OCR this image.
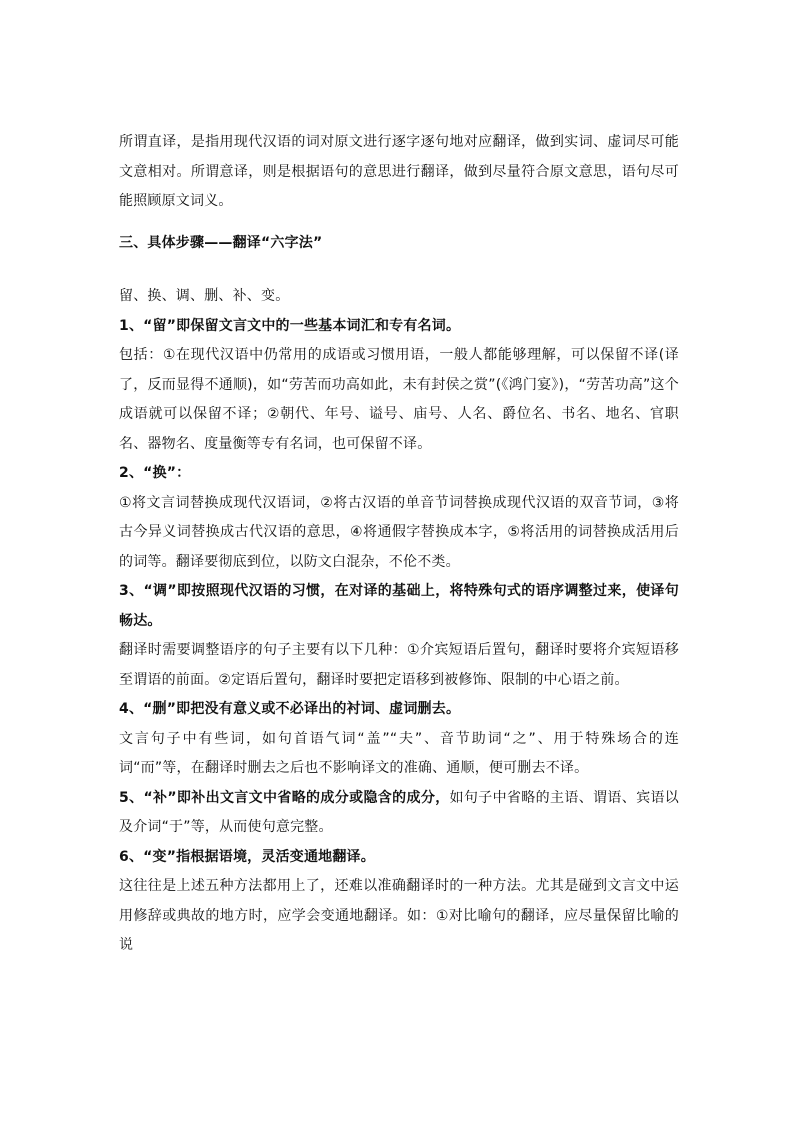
所谓直译，是指用现代汉语的词对原文进行逐字逐句地对应翻译，做到实词、虚词尽可能文意相对。所谓意译，则是根据语句的意思进行翻译，做到尽量符合原文意思，语句尽可能照顾原文词义。

三、具体步骤——翻译“六字法”

留、换、调、删、补、变。

1、“留”即保留文言文中的一些基本词汇和专有名词。

包括：①在现代汉语中仍常用的成语或习惯用语，一般人都能够理解，可以保留不译(译了，反而显得不通顺)，如“劳苦而功高如此，未有封侯之赏”(《鸿门宴》)，“劳苦功高”这个成语就可以保留不译；②朝代、年号、谥号、庙号、人名、爵位名、书名、地名、官职名、器物名、度量衡等专有名词，也可保留不译。

2、“换”：

①将文言词替换成现代汉语词，②将古汉语的单音节词替换成现代汉语的双音节词，③将古今异义词替换成古代汉语的意思，④将通假字替换成本字，⑤将活用的词替换成活用后的词等。翻译要彻底到位，以防文白混杂，不伦不类。

3、“调”即按照现代汉语的习惯，在对译的基础上，将特殊句式的语序调整过来，使译句畅达。

翻译时需要调整语序的句子主要有以下几种：①介宾短语后置句，翻译时要将介宾短语移至谓语的前面。②定语后置句，翻译时要把定语移到被修饰、限制的中心语之前。

4、“删”即把没有意义或不必译出的衬词、虚词删去。

文言句子中有些词，如句首语气词“盖”“夫”、音节助词“之”、用于特殊场合的连词“而”等，在翻译时删去之后也不影响译文的准确、通顺，便可删去不译。

5、“补”即补出文言文中省略的成分或隐含的成分，如句子中省略的主语、谓语、宾语以及介词“于”等，从而使句意完整。

6、“变”指根据语境，灵活变通地翻译。

这往往是上述五种方法都用上了，还难以准确翻译时的一种方法。尤其是碰到文言文中运用修辞或典故的地方时，应学会变通地翻译。如：①对比喻句的翻译，应尽量保留比喻的说
